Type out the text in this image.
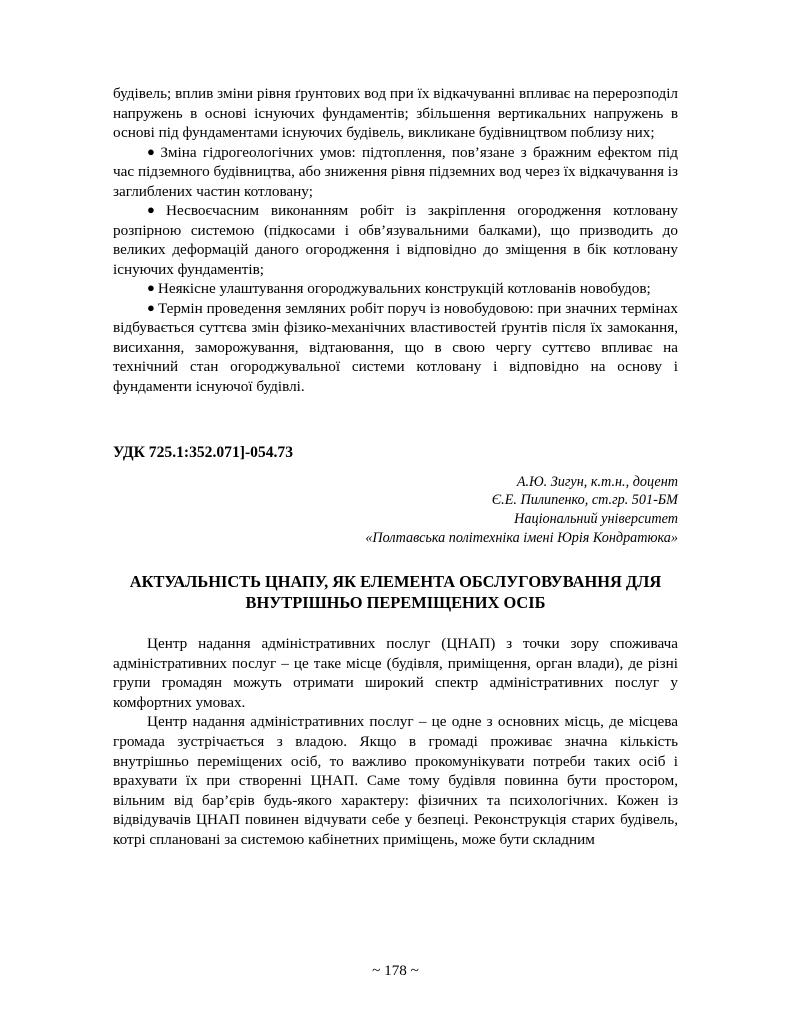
будівель; вплив зміни рівня ґрунтових вод при їх відкачуванні впливає на перерозподіл напружень в основі існуючих фундаментів; збільшення вертикальних напружень в основі під фундаментами існуючих будівель, викликане будівництвом поблизу них;

● Зміна гідрогеологічних умов: підтоплення, пов’язане з бражним ефектом під час підземного будівництва, або зниження рівня підземних вод через їх відкачування із заглиблених частин котловану;

● Несвоєчасним виконанням робіт із закріплення огородження котловану розпірною системою (підкосами і обв’язувальними балками), що призводить до великих деформацій даного огородження і відповідно до зміщення в бік котловану існуючих фундаментів;

● Неякісне улаштування огороджувальних конструкцій котлованів новобудов;

● Термін проведення земляних робіт поруч із новобудовою: при значних термінах відбувається суттєва змін фізико-механічних властивостей ґрунтів після їх замокання, висихання, заморожування, відтаювання, що в свою чергу суттєво впливає на технічний стан огороджувальної системи котловану і відповідно на основу і фундаменти існуючої будівлі.

УДК 725.1:352.071]-054.73
А.Ю. Зигун, к.т.н., доцент
Є.Е. Пилипенко, ст.гр. 501-БМ
Національний університет
«Полтавська політехніка імені Юрія Кондратюка»
АКТУАЛЬНІСТЬ ЦНАПУ, ЯК ЕЛЕМЕНТА ОБСЛУГОВУВАННЯ ДЛЯ ВНУТРІШНЬО ПЕРЕМІЩЕНИХ ОСІБ

Центр надання адміністративних послуг (ЦНАП) з точки зору споживача адміністративних послуг – це таке місце (будівля, приміщення, орган влади), де різні групи громадян можуть отримати широкий спектр адміністративних послуг у комфортних умовах.

Центр надання адміністративних послуг – це одне з основних місць, де місцева громада зустрічається з владою. Якщо в громаді проживає значна кількість внутрішньо переміщених осіб, то важливо прокомунікувати потреби таких осіб і врахувати їх при створенні ЦНАП. Саме тому будівля повинна бути простором, вільним від бар’єрів будь-якого характеру: фізичних та психологічних. Кожен із відвідувачів ЦНАП повинен відчувати себе у безпеці. Реконструкція старих будівель, котрі сплановані за системою кабінетних приміщень, може бути складним

~ 178 ~
